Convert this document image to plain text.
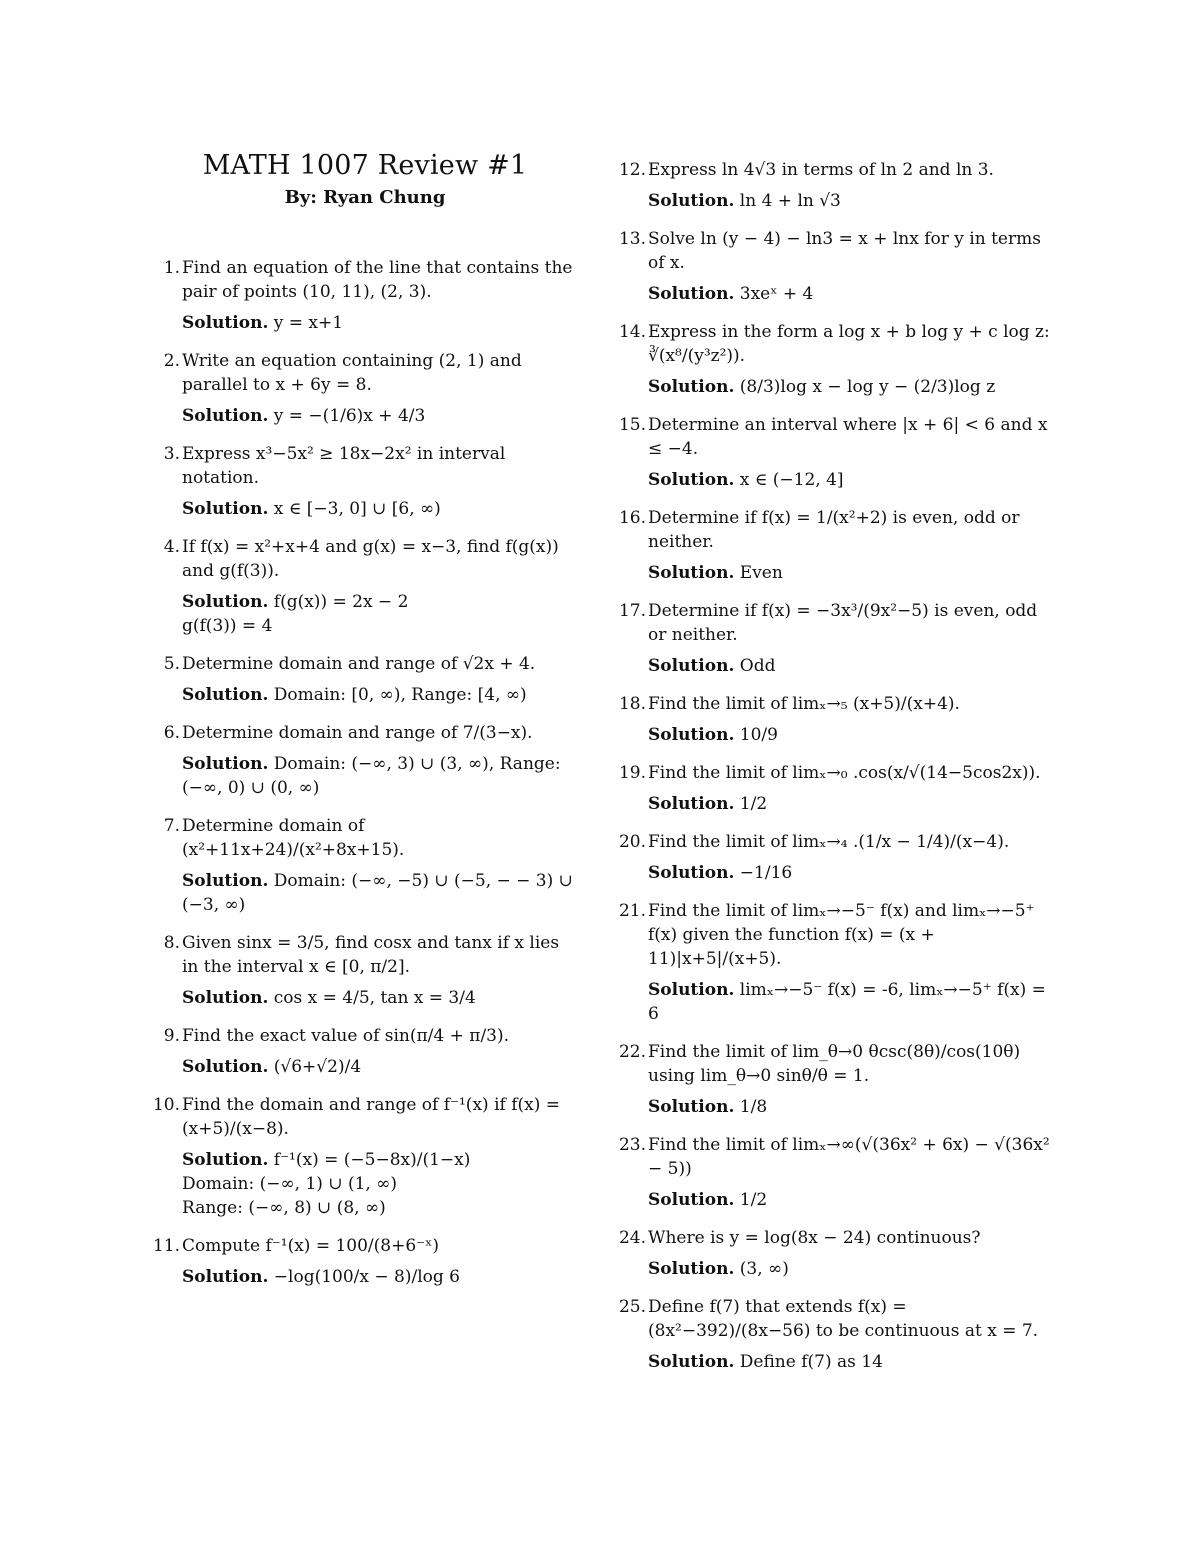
MATH 1007 Review #1
By: Ryan Chung
1. Find an equation of the line that contains the pair of points (10, 11), (2, 3).
Solution. y = x+1
2. Write an equation containing (2, 1) and parallel to x + 6y = 8.
Solution. y = −(1/6)x + 4/3
3. Express x³−5x² ≥ 18x−2x² in interval notation.
Solution. x ∈ [−3, 0] ∪ [6, ∞)
4. If f(x) = x²+x+4 and g(x) = x−3, find f(g(x)) and g(f(3)).
Solution. f(g(x)) = 2x − 2
g(f(3)) = 4
5. Determine domain and range of √2x + 4.
Solution. Domain: [0, ∞), Range: [4, ∞)
6. Determine domain and range of 7/(3−x).
Solution. Domain: (−∞, 3) ∪ (3, ∞), Range: (−∞, 0) ∪ (0, ∞)
7. Determine domain of (x²+11x+24)/(x²+8x+15).
Solution. Domain: (−∞, −5) ∪ (−5, − − 3) ∪ (−3, ∞)
8. Given sinx = 3/5, find cosx and tanx if x lies in the interval x ∈ [0, π/2].
Solution. cos x = 4/5, tan x = 3/4
9. Find the exact value of sin(π/4 + π/3).
Solution. (√6+√2)/4
10. Find the domain and range of f⁻¹(x) if f(x) = (x+5)/(x−8).
Solution. f⁻¹(x) = (−5−8x)/(1−x)
Domain: (−∞, 1) ∪ (1, ∞)
Range: (−∞, 8) ∪ (8, ∞)
11. Compute f⁻¹(x) = 100/(8+6⁻ˣ)
Solution. −log(100/x − 8)/log 6
12. Express ln 4√3 in terms of ln 2 and ln 3.
Solution. ln 4 + ln √3
13. Solve ln (y − 4) − ln3 = x + lnx for y in terms of x.
Solution. 3xeˣ + 4
14. Express in the form a log x + b log y + c log z: ∛(x⁸/(y³z²)).
Solution. (8/3)log x − log y − (2/3)log z
15. Determine an interval where |x + 6| < 6 and x ≤ −4.
Solution. x ∈ (−12, 4]
16. Determine if f(x) = 1/(x²+2) is even, odd or neither.
Solution. Even
17. Determine if f(x) = −3x³/(9x²−5) is even, odd or neither.
Solution. Odd
18. Find the limit of limₓ→₅ (x+5)/(x+4).
Solution. 10/9
19. Find the limit of limₓ→₀ .cos(x/√(14−5cos2x)).
Solution. 1/2
20. Find the limit of limₓ→₄ .(1/x − 1/4)/(x−4).
Solution. −1/16
21. Find the limit of limₓ→−5⁻ f(x) and limₓ→−5⁺ f(x) given the function f(x) = (x + 11)|x+5|/(x+5).
Solution. limₓ→−5⁻ f(x) = -6, limₓ→−5⁺ f(x) = 6
22. Find the limit of lim_θ→0 θcsc(8θ)/cos(10θ) using lim_θ→0 sinθ/θ = 1.
Solution. 1/8
23. Find the limit of limₓ→∞(√(36x² + 6x) − √(36x² − 5))
Solution. 1/2
24. Where is y = log(8x − 24) continuous?
Solution. (3, ∞)
25. Define f(7) that extends f(x) = (8x²−392)/(8x−56) to be continuous at x = 7.
Solution. Define f(7) as 14
